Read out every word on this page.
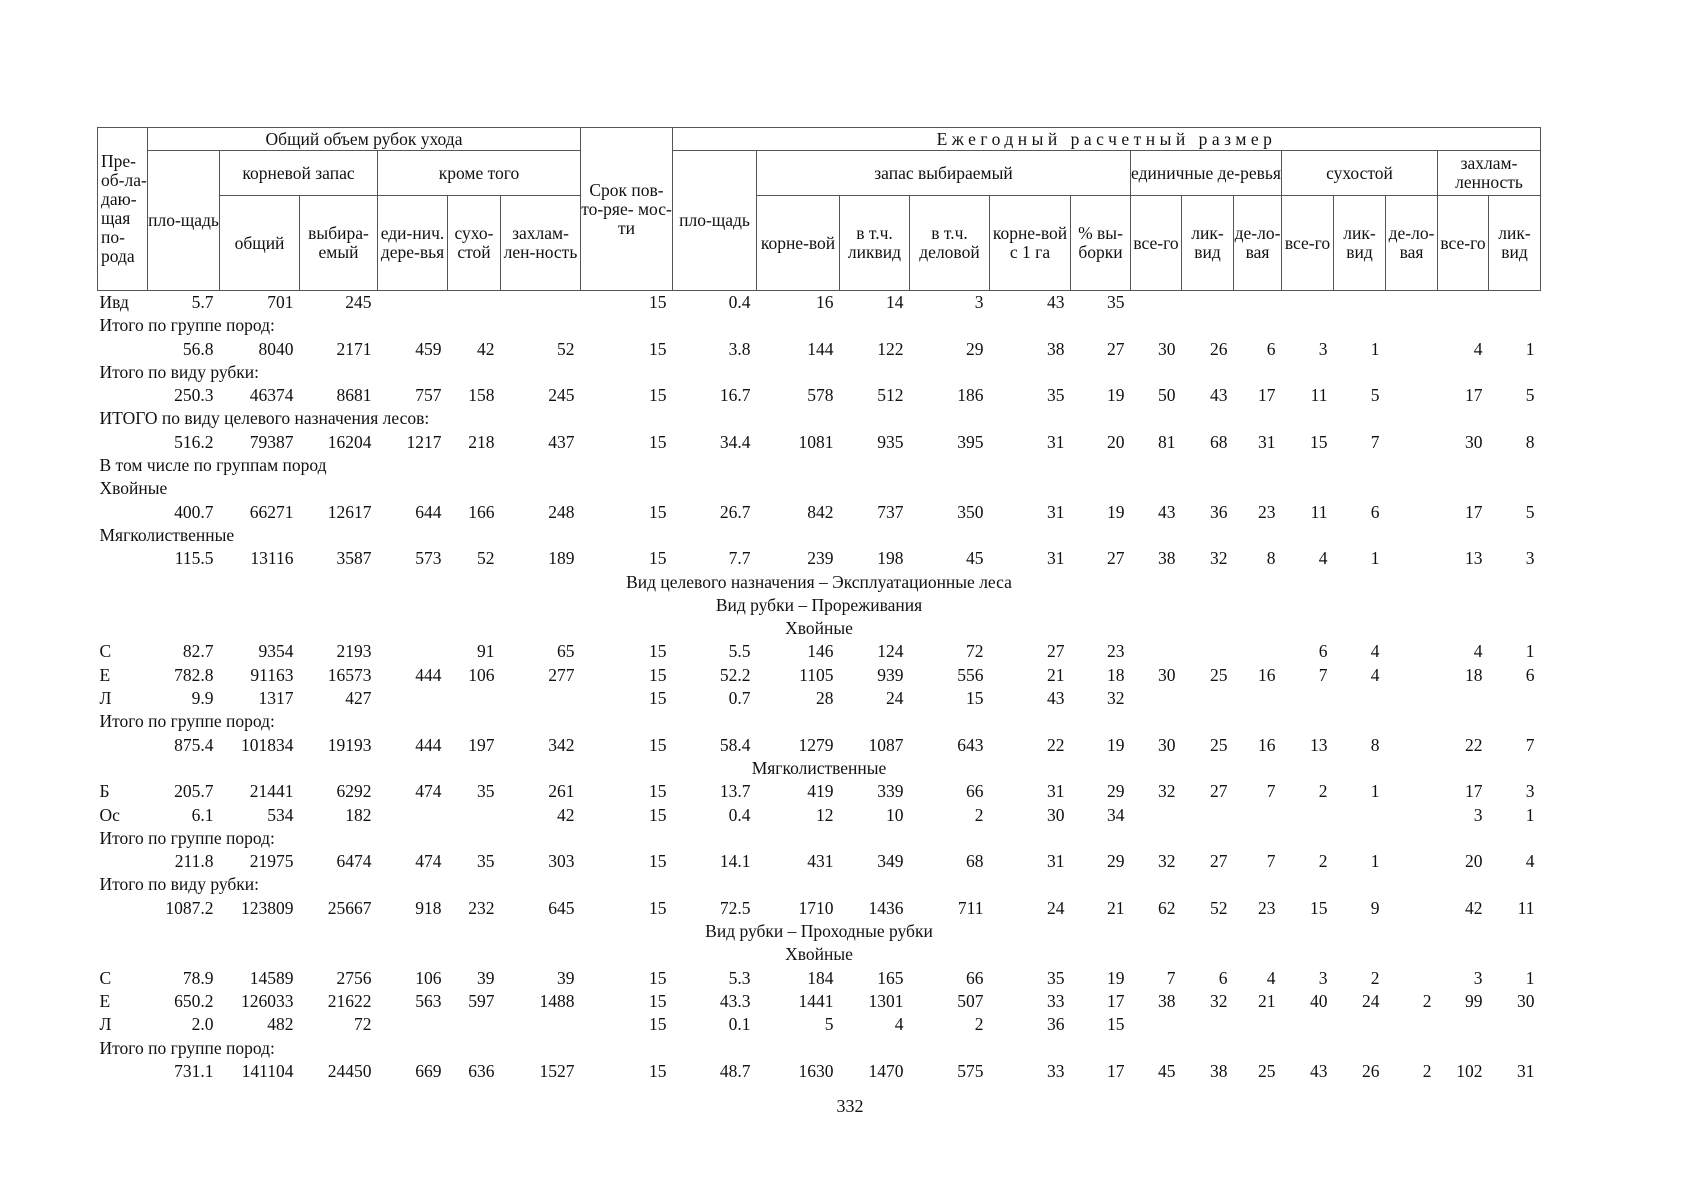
Пре-об-ла-даю-щая по-рода	Общий объем рубок ухода						Срок пов- то-ряе- мос-ти	Ежегодный расчетный размер													
	пло-щадь	корневой запас		кроме того				пло-щадь	запас выбираемый					единичные де-ревья			сухостой			захлам-ленность	
		общий	выбира-емый	еди-нич. дере-вья	сухо-стой	захлам-лен-ность			корне-вой	в т.ч. ликвид	в т.ч. деловой	корне-вой с 1 га	% вы-борки	все-го	лик-вид	де-ло-вая	все-го	лик-вид	де-ло-вая	все-го	лик-вид
Ивд	5.7	701	245				15	0.4	16	14	3	43	35								
Итого по группе пород:																					
	56.8	8040	2171	459	42	52	15	3.8	144	122	29	38	27	30	26	6	3	1		4	1
Итого по виду рубки:																					
	250.3	46374	8681	757	158	245	15	16.7	578	512	186	35	19	50	43	17	11	5		17	5
ИТОГО по виду целевого назначения лесов:																					
	516.2	79387	16204	1217	218	437	15	34.4	1081	935	395	31	20	81	68	31	15	7		30	8
В том числе по группам пород																					
Хвойные																					
	400.7	66271	12617	644	166	248	15	26.7	842	737	350	31	19	43	36	23	11	6		17	5
Мягколиственные																					
	115.5	13116	3587	573	52	189	15	7.7	239	198	45	31	27	38	32	8	4	1		13	3
Вид целевого назначения – Эксплуатационные леса																					
Вид рубки – Прореживания																					
Хвойные																					
С	82.7	9354	2193		91	65	15	5.5	146	124	72	27	23				6	4		4	1
Е	782.8	91163	16573	444	106	277	15	52.2	1105	939	556	21	18	30	25	16	7	4		18	6
Л	9.9	1317	427				15	0.7	28	24	15	43	32								
Итого по группе пород:																					
	875.4	101834	19193	444	197	342	15	58.4	1279	1087	643	22	19	30	25	16	13	8		22	7
Мягколиственные																					
Б	205.7	21441	6292	474	35	261	15	13.7	419	339	66	31	29	32	27	7	2	1		17	3
Ос	6.1	534	182			42	15	0.4	12	10	2	30	34							3	1
Итого по группе пород:																					
	211.8	21975	6474	474	35	303	15	14.1	431	349	68	31	29	32	27	7	2	1		20	4
Итого по виду рубки:																					
	1087.2	123809	25667	918	232	645	15	72.5	1710	1436	711	24	21	62	52	23	15	9		42	11
Вид рубки – Проходные рубки																					
Хвойные																					
С	78.9	14589	2756	106	39	39	15	5.3	184	165	66	35	19	7	6	4	3	2		3	1
Е	650.2	126033	21622	563	597	1488	15	43.3	1441	1301	507	33	17	38	32	21	40	24	2	99	30
Л	2.0	482	72				15	0.1	5	4	2	36	15								
Итого по группе пород:																					
	731.1	141104	24450	669	636	1527	15	48.7	1630	1470	575	33	17	45	38	25	43	26	2	102	31
332
